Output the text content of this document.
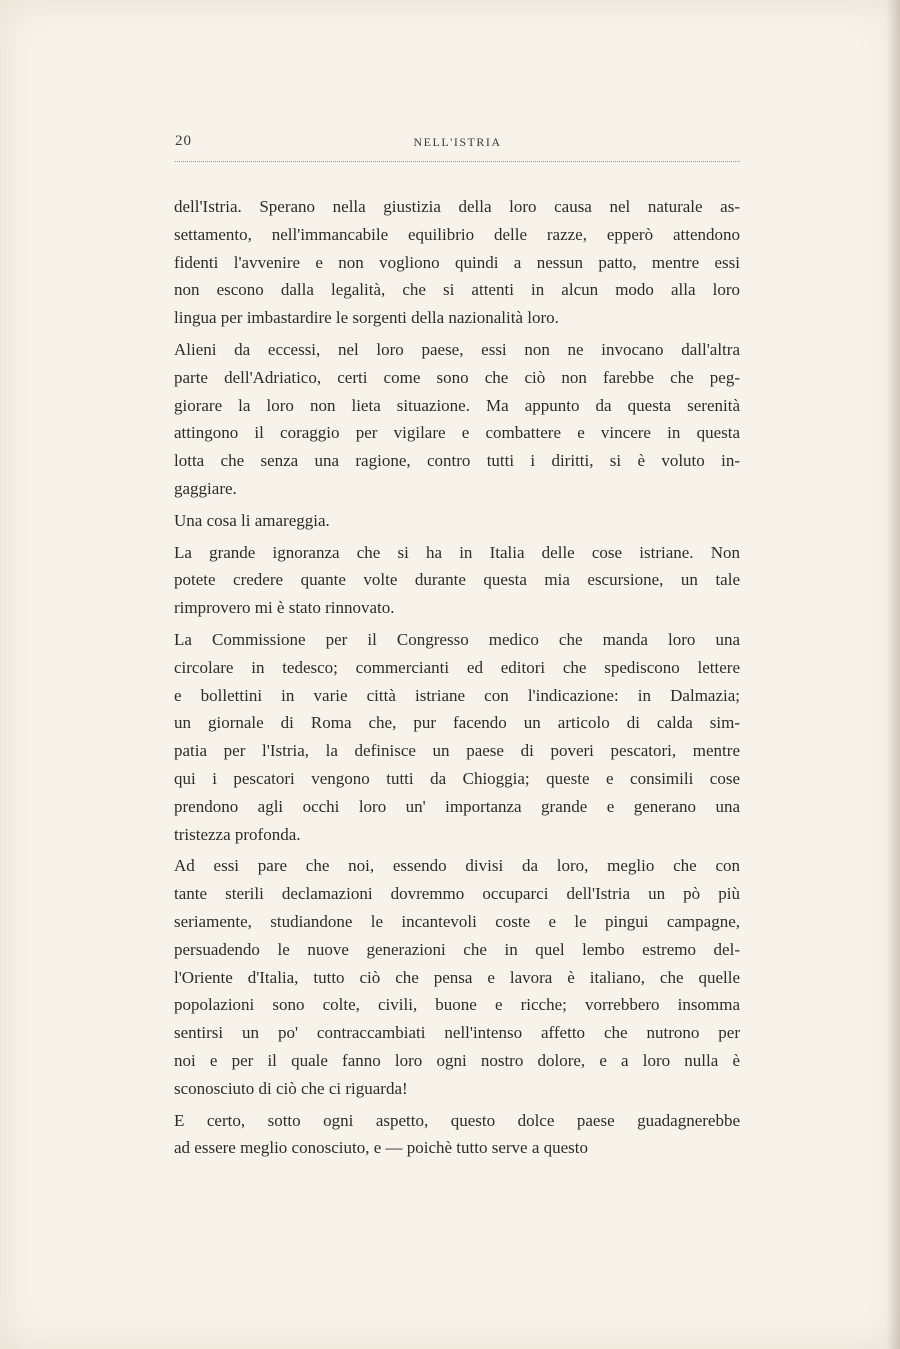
20	NELL'ISTRIA
dell'Istria. Sperano nella giustizia della loro causa nel naturale as-
settamento, nell'immancabile equilibrio delle razze, epperò attendono
fidenti l'avvenire e non vogliono quindi a nessun patto, mentre essi
non escono dalla legalità, che si attenti in alcun modo alla loro
lingua per imbastardire le sorgenti della nazionalità loro.
Alieni da eccessi, nel loro paese, essi non ne invocano dall'altra
parte dell'Adriatico, certi come sono che ciò non farebbe che peg-
giorare la loro non lieta situazione. Ma appunto da questa serenità
attingono il coraggio per vigilare e combattere e vincere in questa
lotta che senza una ragione, contro tutti i diritti, si è voluto in-
gaggiare.
Una cosa li amareggia.
La grande ignoranza che si ha in Italia delle cose istriane. Non
potete credere quante volte durante questa mia escursione, un tale
rimprovero mi è stato rinnovato.
La Commissione per il Congresso medico che manda loro una
circolare in tedesco; commercianti ed editori che spediscono lettere
e bollettini in varie città istriane con l'indicazione: in Dalmazia;
un giornale di Roma che, pur facendo un articolo di calda sim-
patia per l'Istria, la definisce un paese di poveri pescatori, mentre
qui i pescatori vengono tutti da Chioggia; queste e consimili cose
prendono agli occhi loro un' importanza grande e generano una
tristezza profonda.
Ad essi pare che noi, essendo divisi da loro, meglio che con
tante sterili declamazioni dovremmo occuparci dell'Istria un pò più
seriamente, studiandone le incantevoli coste e le pingui campagne,
persuadendo le nuove generazioni che in quel lembo estremo del-
l'Oriente d'Italia, tutto ciò che pensa e lavora è italiano, che quelle
popolazioni sono colte, civili, buone e ricche; vorrebbero insomma
sentirsi un po' contraccambiati nell'intenso affetto che nutrono per
noi e per il quale fanno loro ogni nostro dolore, e a loro nulla è
sconosciuto di ciò che ci riguarda!
E certo, sotto ogni aspetto, questo dolce paese guadagnerebbe
ad essere meglio conosciuto, e — poichè tutto serve a questo
